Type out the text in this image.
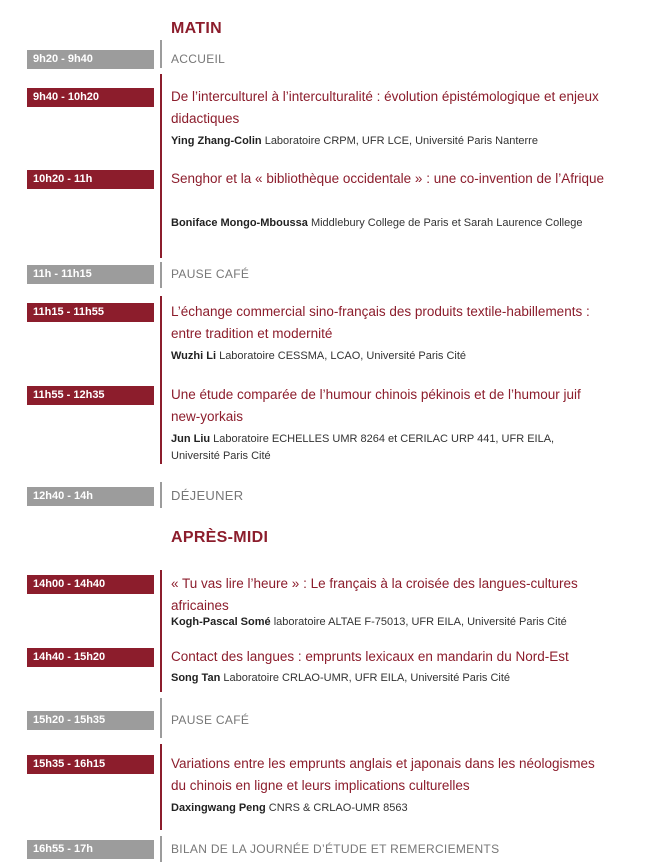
MATIN
9h20 - 9h40	ACCUEIL
9h40 - 10h20	De l’interculturel à l’interculturalité : évolution épistémologique et enjeux didactiques
Ying Zhang-Colin Laboratoire CRPM, UFR LCE, Université Paris Nanterre
10h20 - 11h	Senghor et la « bibliothèque occidentale » : une co-invention de l’Afrique
Boniface Mongo-Mboussa Middlebury College de Paris et Sarah Laurence College
11h - 11h15	PAUSE CAFÉ
11h15 - 11h55	L’échange commercial sino-français des produits textile-habillements : entre tradition et modernité
Wuzhi Li Laboratoire CESSMA, LCAO, Université Paris Cité
11h55 - 12h35	Une étude comparée de l’humour chinois pékinois et de l’humour juif new-yorkais
Jun Liu Laboratoire ECHELLES UMR 8264 et CERILAC URP 441, UFR EILA, Université Paris Cité
12h40 - 14h	DÉJEUNER
APRÈS-MIDI
14h00 - 14h40	« Tu vas lire l’heure » : Le français à la croisée des langues-cultures africaines
Kogh-Pascal Somé laboratoire ALTAE F-75013, UFR EILA, Université Paris Cité
14h40 - 15h20	Contact des langues : emprunts lexicaux en mandarin du Nord-Est
Song Tan Laboratoire CRLAO-UMR, UFR EILA, Université Paris Cité
15h20 - 15h35	PAUSE CAFÉ
15h35 - 16h15	Variations entre les emprunts anglais et japonais dans les néologismes du chinois en ligne et leurs implications culturelles
Daxingwang Peng CNRS & CRLAO-UMR 8563
16h55 - 17h	BILAN DE LA JOURNÉE D’ÉTUDE ET REMERCIEMENTS
